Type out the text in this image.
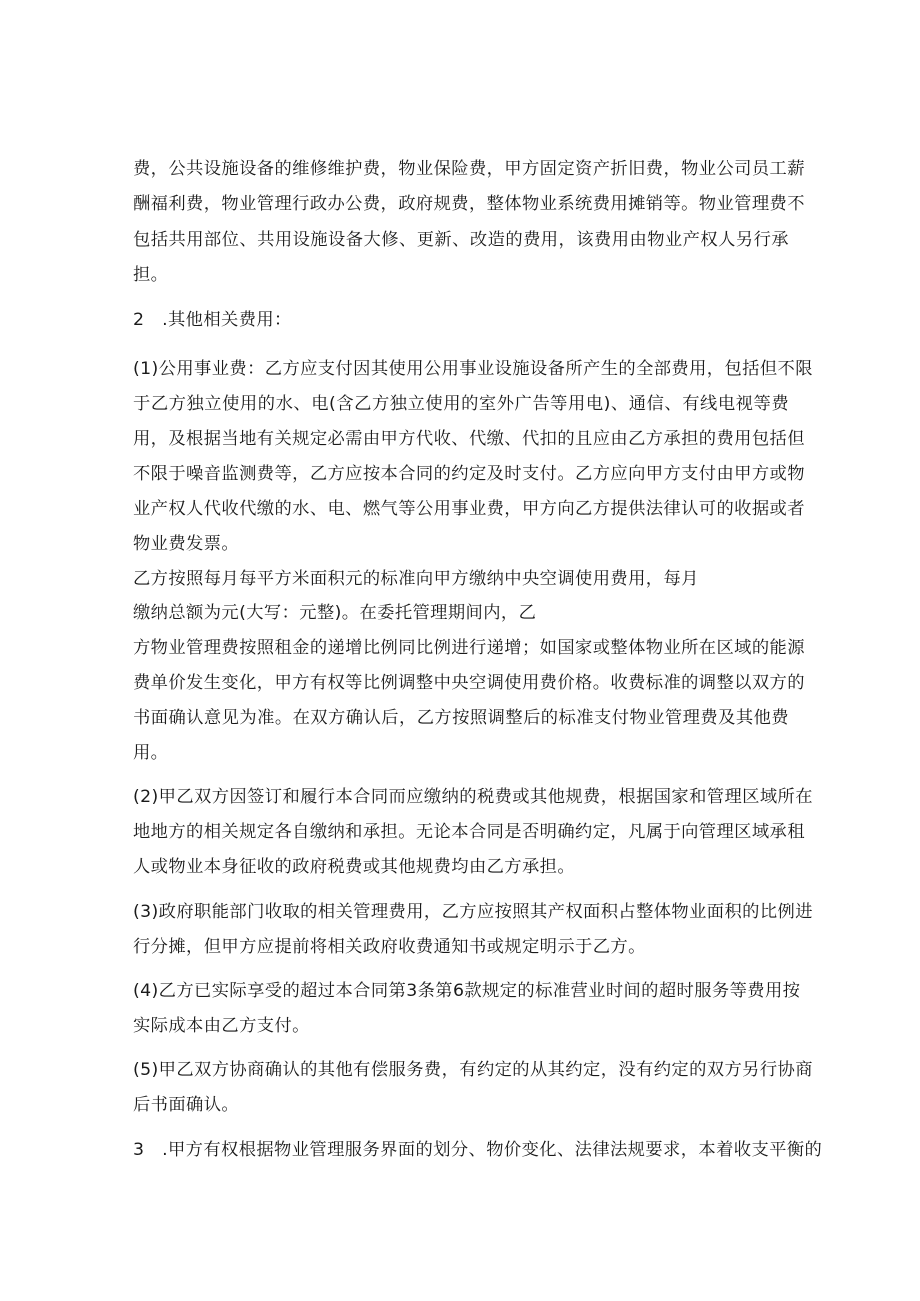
费，公共设施设备的维修维护费，物业保险费，甲方固定资产折旧费，物业公司员工薪
酬福利费，物业管理行政办公费，政府规费，整体物业系统费用摊销等。物业管理费不
包括共用部位、共用设施设备大修、更新、改造的费用，该费用由物业产权人另行承
担。
2　.其他相关费用：
(1)公用事业费：乙方应支付因其使用公用事业设施设备所产生的全部费用，包括但不限
于乙方独立使用的水、电(含乙方独立使用的室外广告等用电)、通信、有线电视等费
用，及根据当地有关规定必需由甲方代收、代缴、代扣的且应由乙方承担的费用包括但
不限于噪音监测费等，乙方应按本合同的约定及时支付。乙方应向甲方支付由甲方或物
业产权人代收代缴的水、电、燃气等公用事业费，甲方向乙方提供法律认可的收据或者
物业费发票。
乙方按照每月每平方米面积元的标准向甲方缴纳中央空调使用费用，每月
缴纳总额为元(大写：元整)。在委托管理期间内，乙
方物业管理费按照租金的递增比例同比例进行递增；如国家或整体物业所在区域的能源
费单价发生变化，甲方有权等比例调整中央空调使用费价格。收费标准的调整以双方的
书面确认意见为准。在双方确认后，乙方按照调整后的标准支付物业管理费及其他费
用。
(2)甲乙双方因签订和履行本合同而应缴纳的税费或其他规费，根据国家和管理区域所在
地地方的相关规定各自缴纳和承担。无论本合同是否明确约定，凡属于向管理区域承租
人或物业本身征收的政府税费或其他规费均由乙方承担。
(3)政府职能部门收取的相关管理费用，乙方应按照其产权面积占整体物业面积的比例进
行分摊，但甲方应提前将相关政府收费通知书或规定明示于乙方。
(4)乙方已实际享受的超过本合同第3条第6款规定的标准营业时间的超时服务等费用按
实际成本由乙方支付。
(5)甲乙双方协商确认的其他有偿服务费，有约定的从其约定，没有约定的双方另行协商
后书面确认。
3　.甲方有权根据物业管理服务界面的划分、物价变化、法律法规要求，本着收支平衡的
